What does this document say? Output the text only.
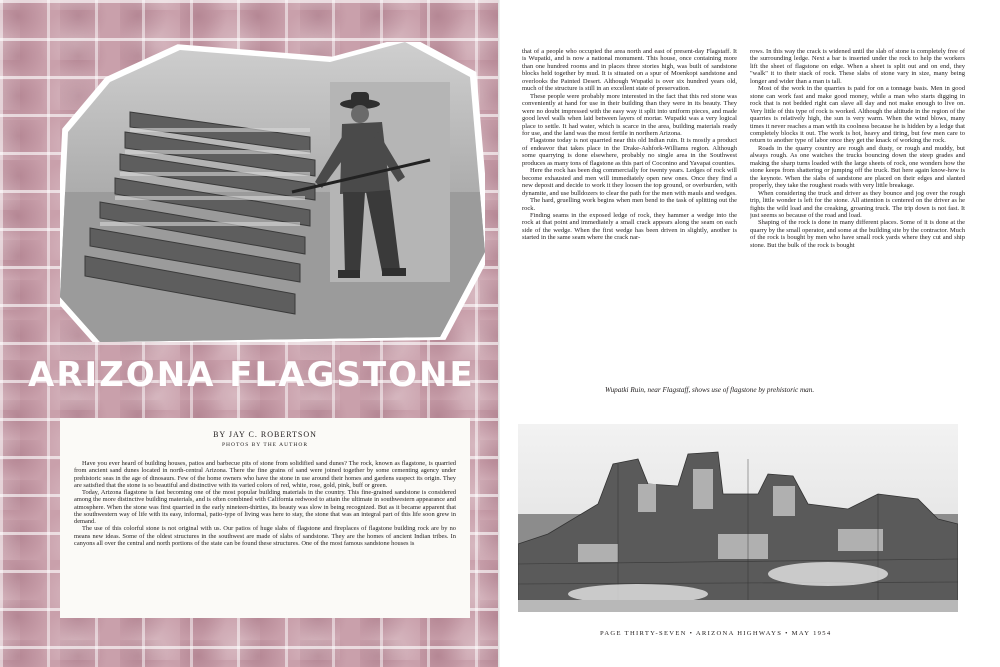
ARIZONA FLAGSTONE

BY JAY C. ROBERTSON

PHOTOS BY THE AUTHOR

Have you ever heard of building houses, patios and barbecue pits of stone from solidified sand dunes? The rock, known as flagstone, is quarried from ancient sand dunes located in north-central Arizona. There the fine grains of sand were joined together by some cementing agency under prehistoric seas in the age of dinosaurs. Few of the home owners who have the stone in use around their homes and gardens suspect its origin. They are satisfied that the stone is so beautiful and distinctive with its varied colors of red, white, rose, gold, pink, buff or green.

Today, Arizona flagstone is fast becoming one of the most popular building materials in the country. This fine-grained sandstone is considered among the more distinctive building materials, and is often combined with California redwood to attain the ultimate in southwestern appearance and atmosphere. When the stone was first quarried in the early nineteen-thirties, its beauty was slow in being recognized. But as it became apparent that the southwestern way of life with its easy, informal, patio-type of living was here to stay, the stone that was an integral part of this life soon grew in demand.

The use of this colorful stone is not original with us. Our patios of huge slabs of flagstone and fireplaces of flagstone building rock are by no means new ideas. Some of the oldest structures in the southwest are made of slabs of sandstone. They are the homes of ancient Indian tribes. In canyons all over the central and north portions of the state can be found these structures. One of the most famous sandstone houses is

that of a people who occupied the area north and east of present-day Flagstaff. It is Wupatki, and is now a national monument. This house, once containing more than one hundred rooms and in places three stories high, was built of sandstone blocks held together by mud. It is situated on a spur of Moenkopi sandstone and overlooks the Painted Desert. Although Wupatki is over six hundred years old, much of the structure is still in an excellent state of preservation.

These people were probably more interested in the fact that this red stone was conveniently at hand for use in their building than they were in its beauty. They were no doubt impressed with the easy way it split into uniform pieces, and made good level walls when laid between layers of mortar. Wupatki was a very logical place to settle. It had water, which is scarce in the area, building materials ready for use, and the land was the most fertile in northern Arizona.

Flagstone today is not quarried near this old Indian ruin. It is mostly a product of endeavor that takes place in the Drake-Ashfork-Williams region. Although some quarrying is done elsewhere, probably no single area in the Southwest produces as many tons of flagstone as this part of Coconino and Yavapai counties.

Here the rock has been dug commercially for twenty years. Ledges of rock will become exhausted and men will immediately open new ones. Once they find a new deposit and decide to work it they loosen the top ground, or overburden, with dynamite, and use bulldozers to clear the path for the men with mauls and wedges.

The hard, gruelling work begins when men bend to the task of splitting out the rock.

Finding seams in the exposed ledge of rock, they hammer a wedge into the rock at that point and immediately a small crack appears along the seam on each side of the wedge. When the first wedge has been driven in slightly, another is started in the same seam where the crack nar-

rows. In this way the crack is widened until the slab of stone is completely free of the surrounding ledge. Next a bar is inserted under the rock to help the workers lift the sheet of flagstone on edge. When a sheet is split out and on end, they "walk" it to their stack of rock. These slabs of stone vary in size, many being longer and wider than a man is tall.

Most of the work in the quarries is paid for on a tonnage basis. Men in good stone can work fast and make good money, while a man who starts digging in rock that is not bedded right can slave all day and not make enough to live on. Very little of this type of rock is worked. Although the altitude in the region of the quarries is relatively high, the sun is very warm. When the wind blows, many times it never reaches a man with its coolness because he is hidden by a ledge that completely blocks it out. The work is hot, heavy and tiring, but few men care to return to another type of labor once they get the knack of working the rock.

Roads in the quarry country are rough and dusty, or rough and muddy, but always rough. As one watches the trucks bouncing down the steep grades and making the sharp turns loaded with the large sheets of rock, one wonders how the stone keeps from shattering or jumping off the truck. But here again know-how is the keynote. When the slabs of sandstone are placed on their edges and slanted properly, they take the roughest roads with very little breakage.

When considering the truck and driver as they bounce and jog over the rough trip, little wonder is left for the stone. All attention is centered on the driver as he fights the wild load and the creaking, groaning truck. The trip down is not fast. It just seems so because of the road and load.

Shaping of the rock is done in many different places. Some of it is done at the quarry by the small operator, and some at the building site by the contractor. Much of the rock is bought by men who have small rock yards where they cut and ship stone. But the bulk of the rock is bought

Wupatki Ruin, near Flagstaff, shows use of flagstone by prehistoric man.

PAGE THIRTY-SEVEN • ARIZONA HIGHWAYS • MAY 1954
